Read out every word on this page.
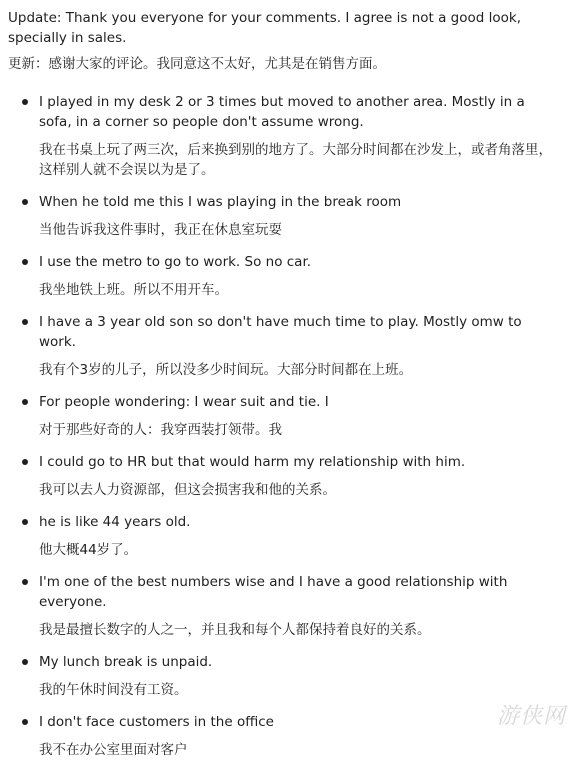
Update: Thank you everyone for your comments. I agree is not a good look, specially in sales.

更新：感谢大家的评论。我同意这不太好，尤其是在销售方面。

I played in my desk 2 or 3 times but moved to another area. Mostly in a sofa, in a corner so people don't assume wrong.

我在书桌上玩了两三次，后来换到别的地方了。大部分时间都在沙发上，或者角落里，这样别人就不会误以为是了。

When he told me this I was playing in the break room

当他告诉我这件事时，我正在休息室玩耍

I use the metro to go to work. So no car.

我坐地铁上班。所以不用开车。

I have a 3 year old son so don't have much time to play. Mostly omw to work.

我有个3岁的儿子，所以没多少时间玩。大部分时间都在上班。

For people wondering: I wear suit and tie. I

对于那些好奇的人：我穿西装打领带。我

I could go to HR but that would harm my relationship with him.

我可以去人力资源部，但这会损害我和他的关系。

he is like 44 years old.

他大概44岁了。

I'm one of the best numbers wise and I have a good relationship with everyone.

我是最擅长数字的人之一，并且我和每个人都保持着良好的关系。

My lunch break is unpaid.

我的午休时间没有工资。

I don't face customers in the office

我不在办公室里面对客户

游侠网
